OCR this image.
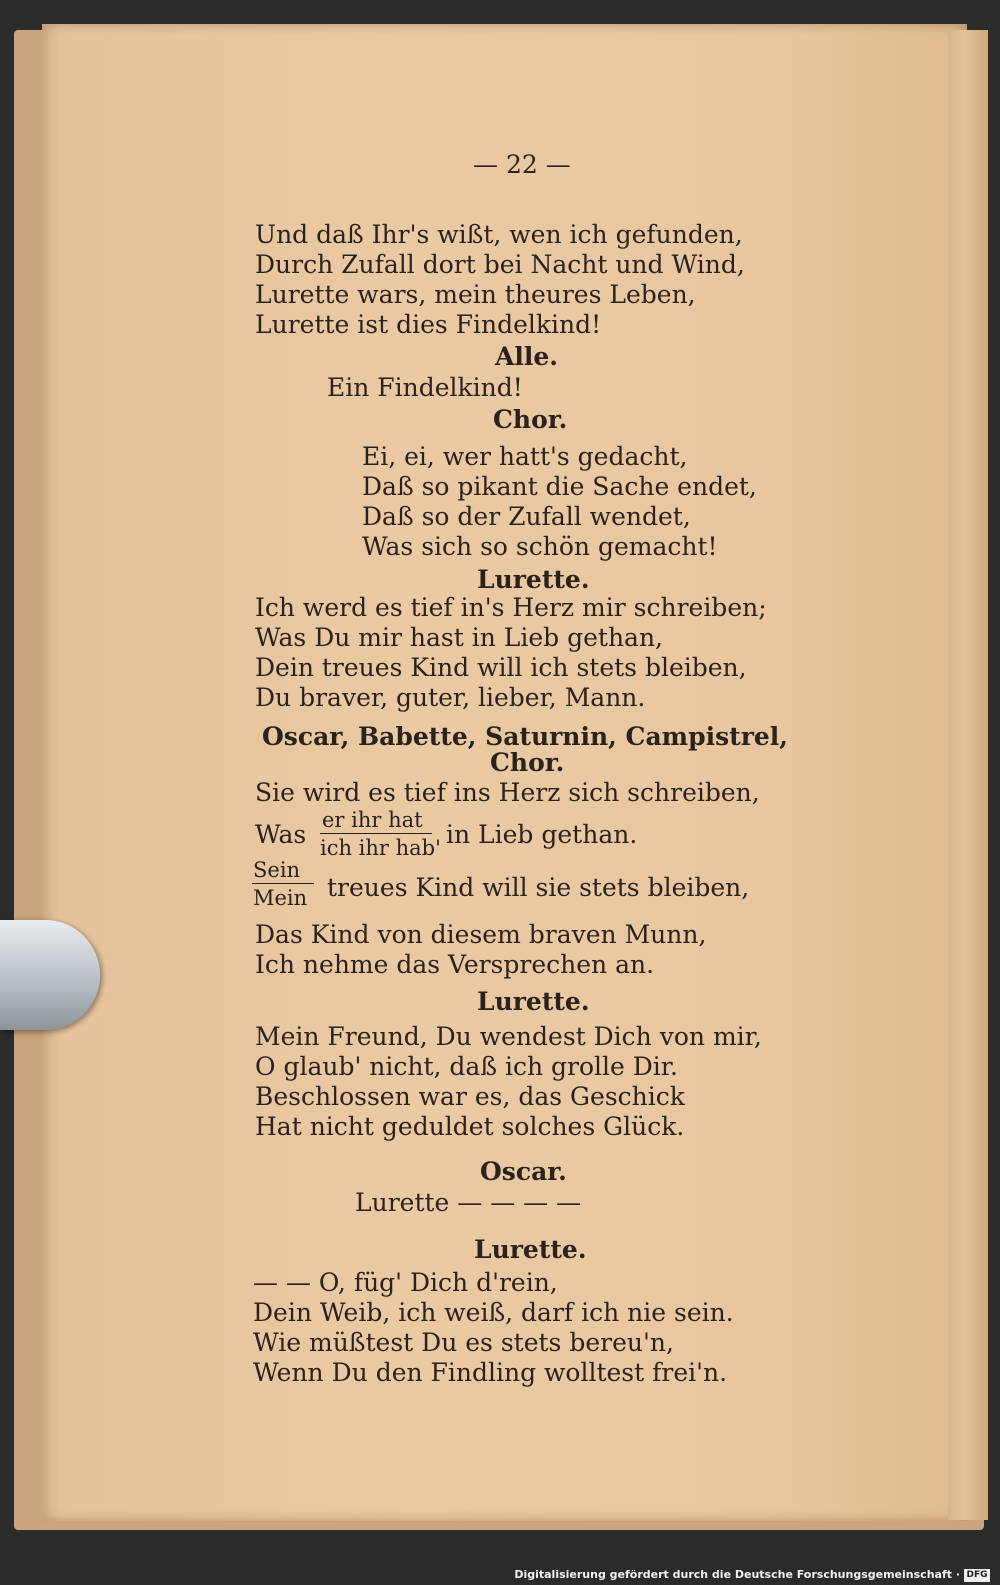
— 22 —
Und daß Ihr's wißt, wen ich gefunden,
Durch Zufall dort bei Nacht und Wind,
Lurette wars, mein theures Leben,
Lurette ist dies Findelkind!
Alle.
Ein Findelkind!
Chor.
Ei, ei, wer hatt's gedacht,
Daß so pikant die Sache endet,
Daß so der Zufall wendet,
Was sich so schön gemacht!
Lurette.
Ich werd es tief in's Herz mir schreiben;
Was Du mir hast in Lieb gethan,
Dein treues Kind will ich stets bleiben,
Du braver, guter, lieber, Mann.
Oscar, Babette, Saturnin, Campistrel,
Chor.
Sie wird es tief ins Herz sich schreiben,
Was er ihr hat
ich ihr hab' in Lieb gethan.
Sein
Mein treues Kind will sie stets bleiben,
Das Kind von diesem braven Munn,
Ich nehme das Versprechen an.
Lurette.
Mein Freund, Du wendest Dich von mir,
O glaub' nicht, daß ich grolle Dir.
Beschlossen war es, das Geschick
Hat nicht geduldet solches Glück.
Oscar.
Lurette — — — —
Lurette.
— — O, füg' Dich d'rein,
Dein Weib, ich weiß, darf ich nie sein.
Wie müßtest Du es stets bereu'n,
Wenn Du den Findling wolltest frei'n.
Digitalisierung gefördert durch die Deutsche Forschungsgemeinschaft · DFG
